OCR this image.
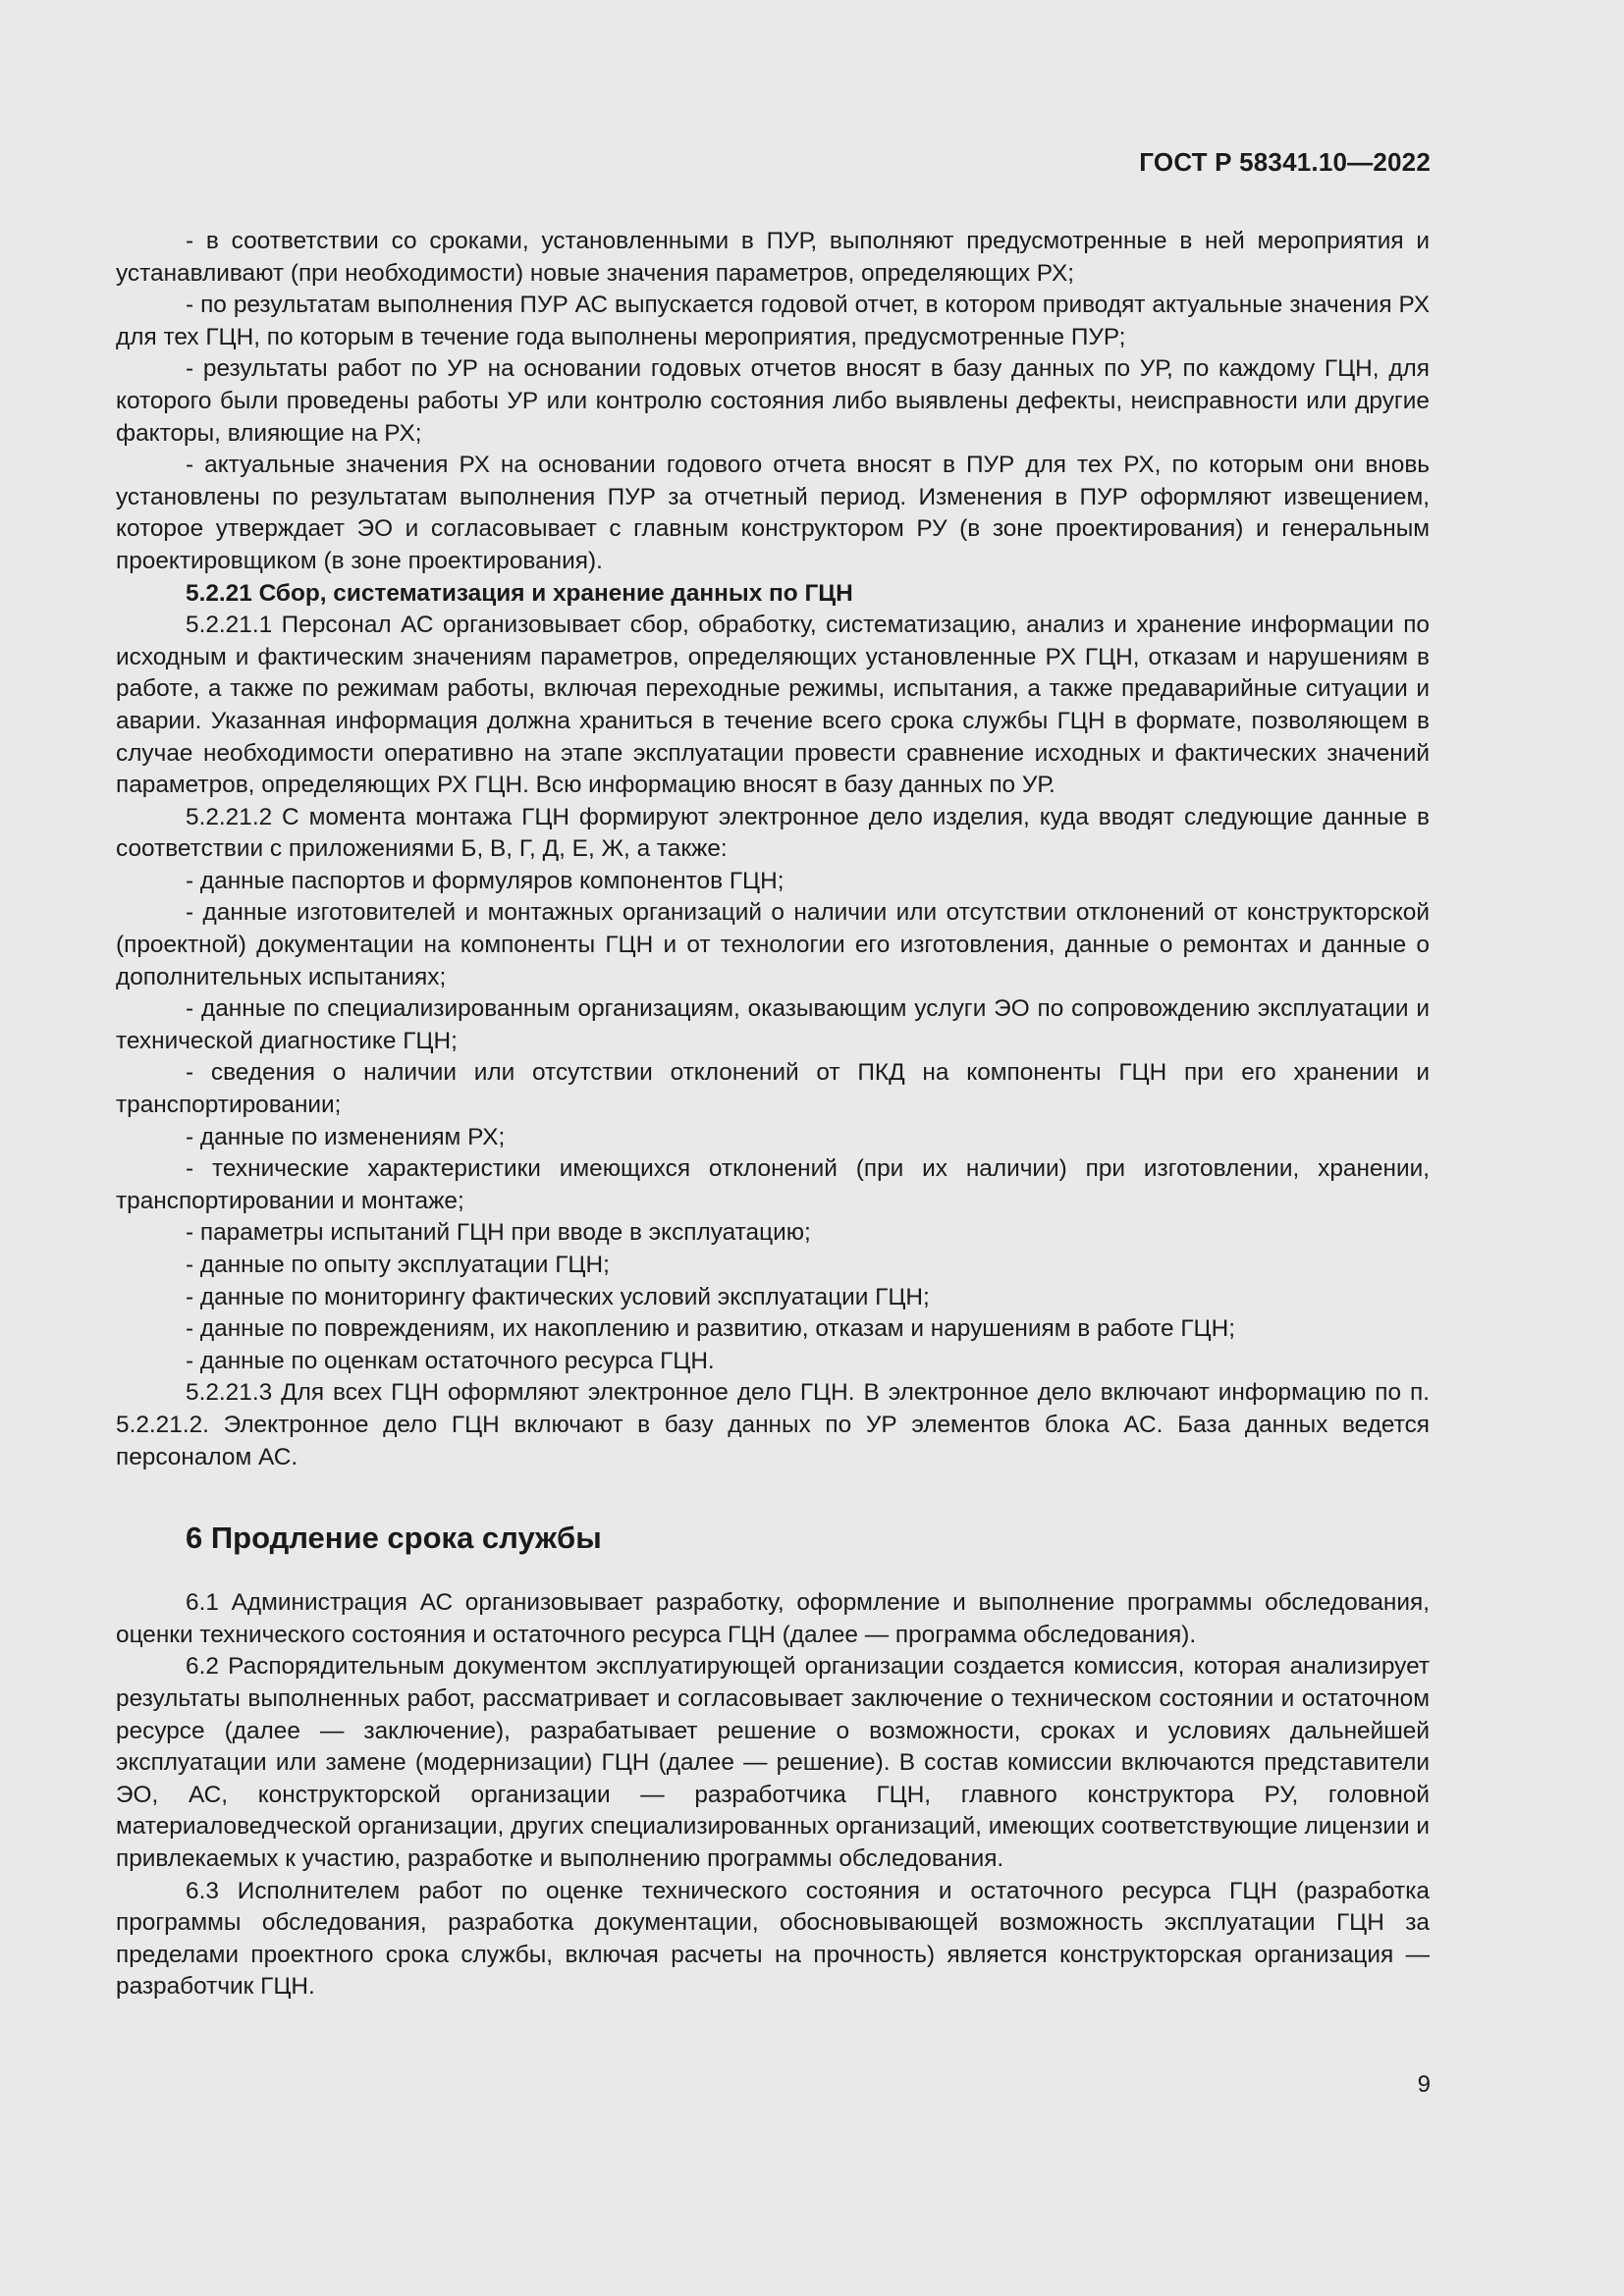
ГОСТ Р 58341.10—2022

- в соответствии со сроками, установленными в ПУР, выполняют предусмотренные в ней мероприятия и устанавливают (при необходимости) новые значения параметров, определяющих РХ;

- по результатам выполнения ПУР АС выпускается годовой отчет, в котором приводят актуальные значения РХ для тех ГЦН, по которым в течение года выполнены мероприятия, предусмотренные ПУР;

- результаты работ по УР на основании годовых отчетов вносят в базу данных по УР, по каждому ГЦН, для которого были проведены работы УР или контролю состояния либо выявлены дефекты, неисправности или другие факторы, влияющие на РХ;

- актуальные значения РХ на основании годового отчета вносят в ПУР для тех РХ, по которым они вновь установлены по результатам выполнения ПУР за отчетный период. Изменения в ПУР оформляют извещением, которое утверждает ЭО и согласовывает с главным конструктором РУ (в зоне проектирования) и генеральным проектировщиком (в зоне проектирования).

5.2.21 Сбор, систематизация и хранение данных по ГЦН

5.2.21.1 Персонал АС организовывает сбор, обработку, систематизацию, анализ и хранение информации по исходным и фактическим значениям параметров, определяющих установленные РХ ГЦН, отказам и нарушениям в работе, а также по режимам работы, включая переходные режимы, испытания, а также предаварийные ситуации и аварии. Указанная информация должна храниться в течение всего срока службы ГЦН в формате, позволяющем в случае необходимости оперативно на этапе эксплуатации провести сравнение исходных и фактических значений параметров, определяющих РХ ГЦН. Всю информацию вносят в базу данных по УР.

5.2.21.2 С момента монтажа ГЦН формируют электронное дело изделия, куда вводят следующие данные в соответствии с приложениями Б, В, Г, Д, Е, Ж, а также:

- данные паспортов и формуляров компонентов ГЦН;

- данные изготовителей и монтажных организаций о наличии или отсутствии отклонений от конструкторской (проектной) документации на компоненты ГЦН и от технологии его изготовления, данные о ремонтах и данные о дополнительных испытаниях;

- данные по специализированным организациям, оказывающим услуги ЭО по сопровождению эксплуатации и технической диагностике ГЦН;

- сведения о наличии или отсутствии отклонений от ПКД на компоненты ГЦН при его хранении и транспортировании;

- данные по изменениям РХ;

- технические характеристики имеющихся отклонений (при их наличии) при изготовлении, хранении, транспортировании и монтаже;

- параметры испытаний ГЦН при вводе в эксплуатацию;

- данные по опыту эксплуатации ГЦН;

- данные по мониторингу фактических условий эксплуатации ГЦН;

- данные по повреждениям, их накоплению и развитию, отказам и нарушениям в работе ГЦН;

- данные по оценкам остаточного ресурса ГЦН.

5.2.21.3 Для всех ГЦН оформляют электронное дело ГЦН. В электронное дело включают информацию по п. 5.2.21.2. Электронное дело ГЦН включают в базу данных по УР элементов блока АС. База данных ведется персоналом АС.

6 Продление срока службы

6.1 Администрация АС организовывает разработку, оформление и выполнение программы обследования, оценки технического состояния и остаточного ресурса ГЦН (далее — программа обследования).

6.2 Распорядительным документом эксплуатирующей организации создается комиссия, которая анализирует результаты выполненных работ, рассматривает и согласовывает заключение о техническом состоянии и остаточном ресурсе (далее — заключение), разрабатывает решение о возможности, сроках и условиях дальнейшей эксплуатации или замене (модернизации) ГЦН (далее — решение). В состав комиссии включаются представители ЭО, АС, конструкторской организации — разработчика ГЦН, главного конструктора РУ, головной материаловедческой организации, других специализированных организаций, имеющих соответствующие лицензии и привлекаемых к участию, разработке и выполнению программы обследования.

6.3 Исполнителем работ по оценке технического состояния и остаточного ресурса ГЦН (разработка программы обследования, разработка документации, обосновывающей возможность эксплуатации ГЦН за пределами проектного срока службы, включая расчеты на прочность) является конструкторская организация — разработчик ГЦН.

9
